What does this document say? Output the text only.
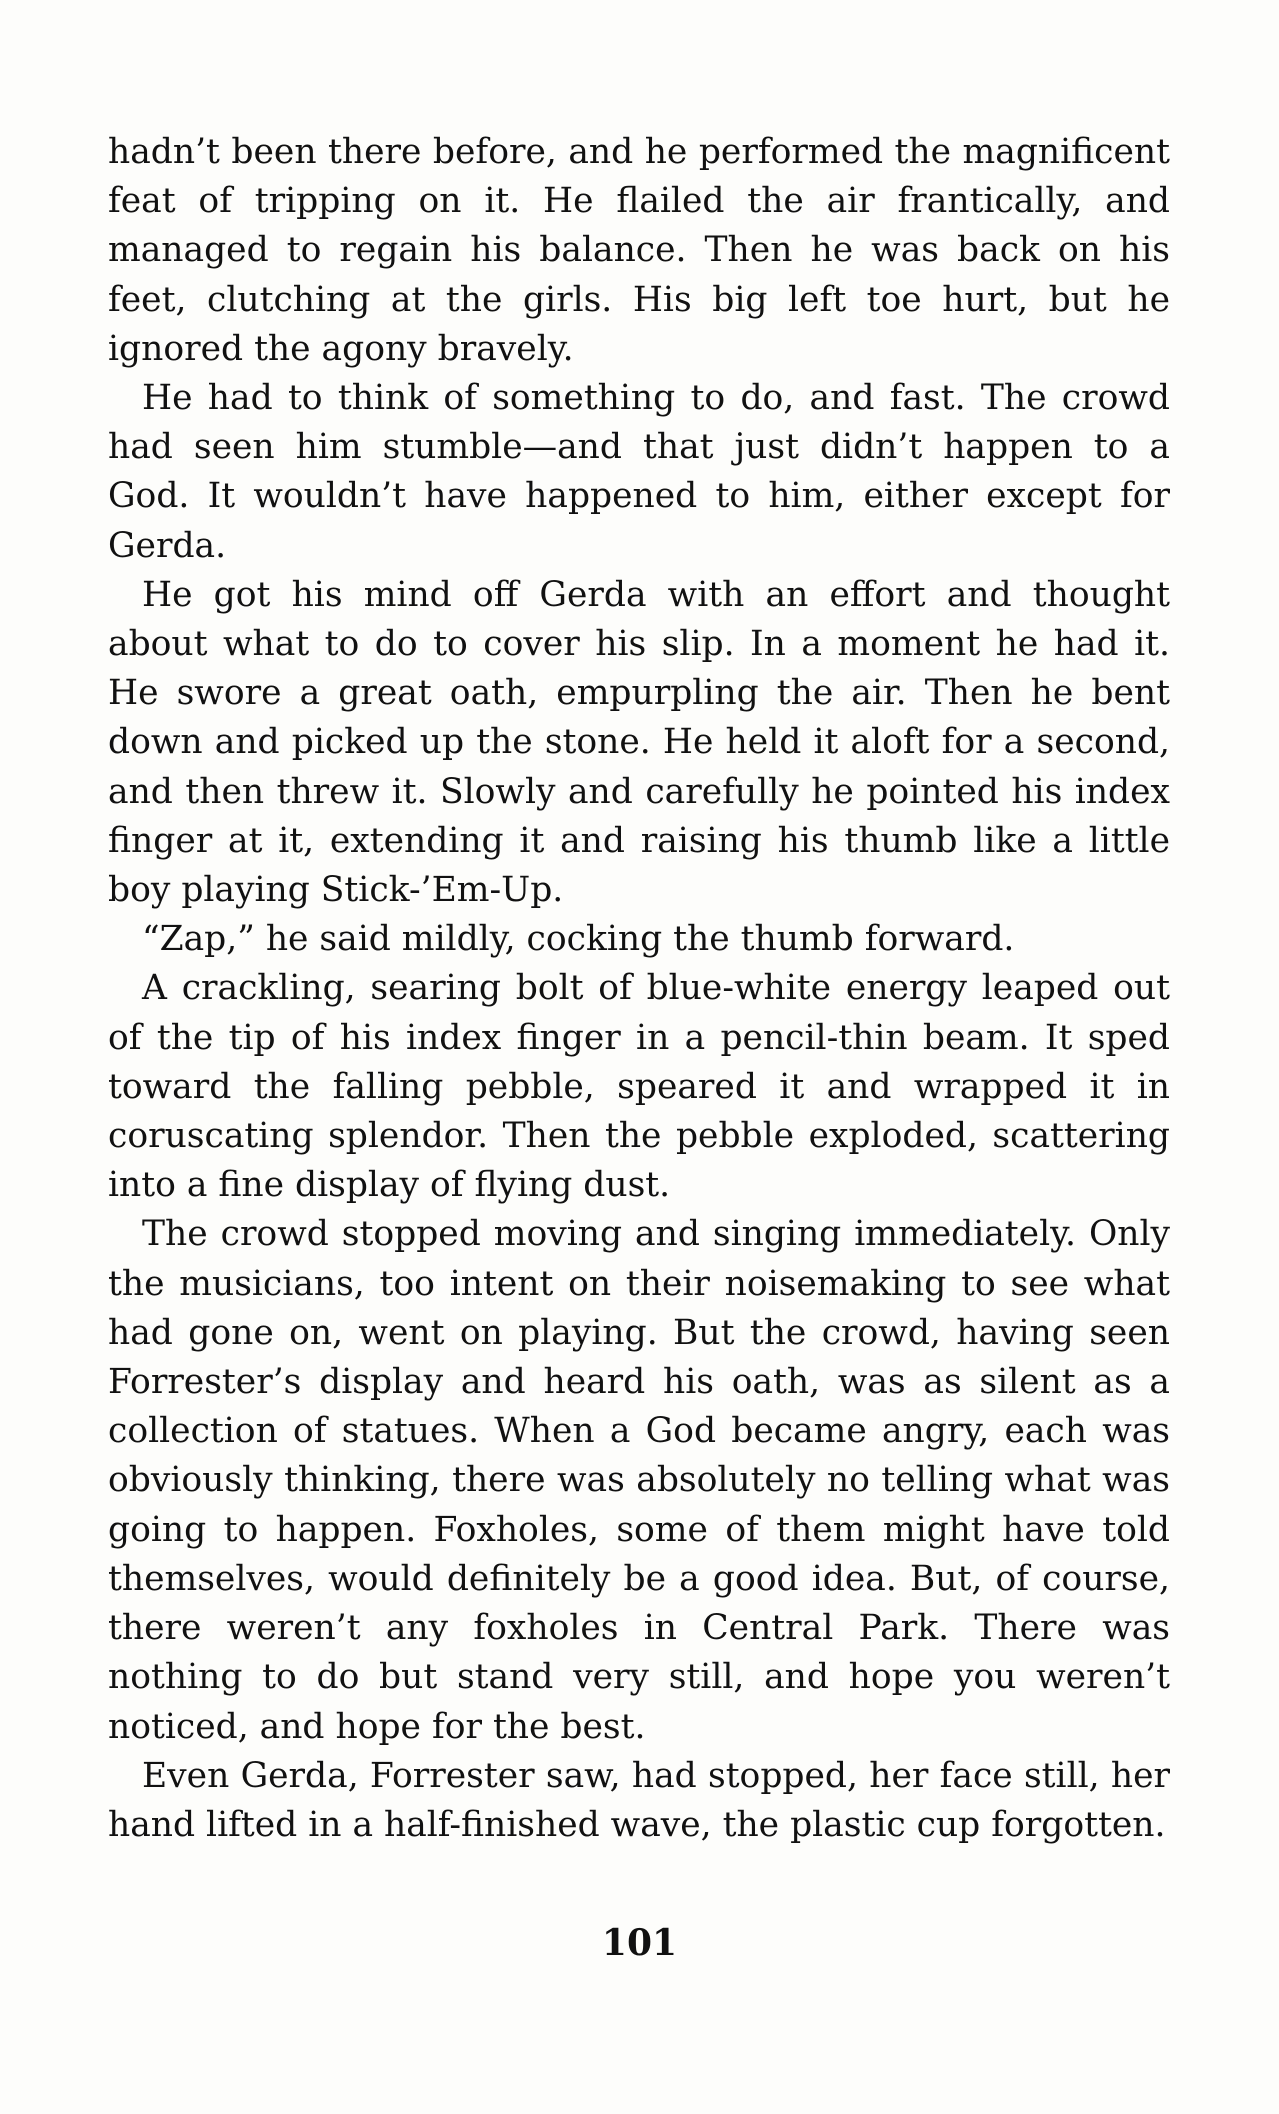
hadn’t been there before, and he performed the magnificent feat of tripping on it. He flailed the air frantically, and managed to regain his balance. Then he was back on his feet, clutching at the girls. His big left toe hurt, but he ignored the agony bravely.

He had to think of something to do, and fast. The crowd had seen him stumble—and that just didn’t happen to a God. It wouldn’t have happened to him, either except for Gerda.

He got his mind off Gerda with an effort and thought about what to do to cover his slip. In a moment he had it. He swore a great oath, empurpling the air. Then he bent down and picked up the stone. He held it aloft for a second, and then threw it. Slowly and carefully he pointed his index finger at it, extending it and raising his thumb like a little boy playing Stick-’Em-Up.

“Zap,” he said mildly, cocking the thumb forward.

A crackling, searing bolt of blue-white energy leaped out of the tip of his index finger in a pencil-thin beam. It sped toward the falling pebble, speared it and wrapped it in coruscating splendor. Then the pebble exploded, scattering into a fine display of flying dust.

The crowd stopped moving and singing immediately. Only the musicians, too intent on their noisemaking to see what had gone on, went on playing. But the crowd, having seen Forrester’s display and heard his oath, was as silent as a collection of statues. When a God became angry, each was obviously thinking, there was absolutely no telling what was going to happen. Foxholes, some of them might have told themselves, would definitely be a good idea. But, of course, there weren’t any foxholes in Central Park. There was nothing to do but stand very still, and hope you weren’t noticed, and hope for the best.

Even Gerda, Forrester saw, had stopped, her face still, her hand lifted in a half-finished wave, the plastic cup forgotten.

101
